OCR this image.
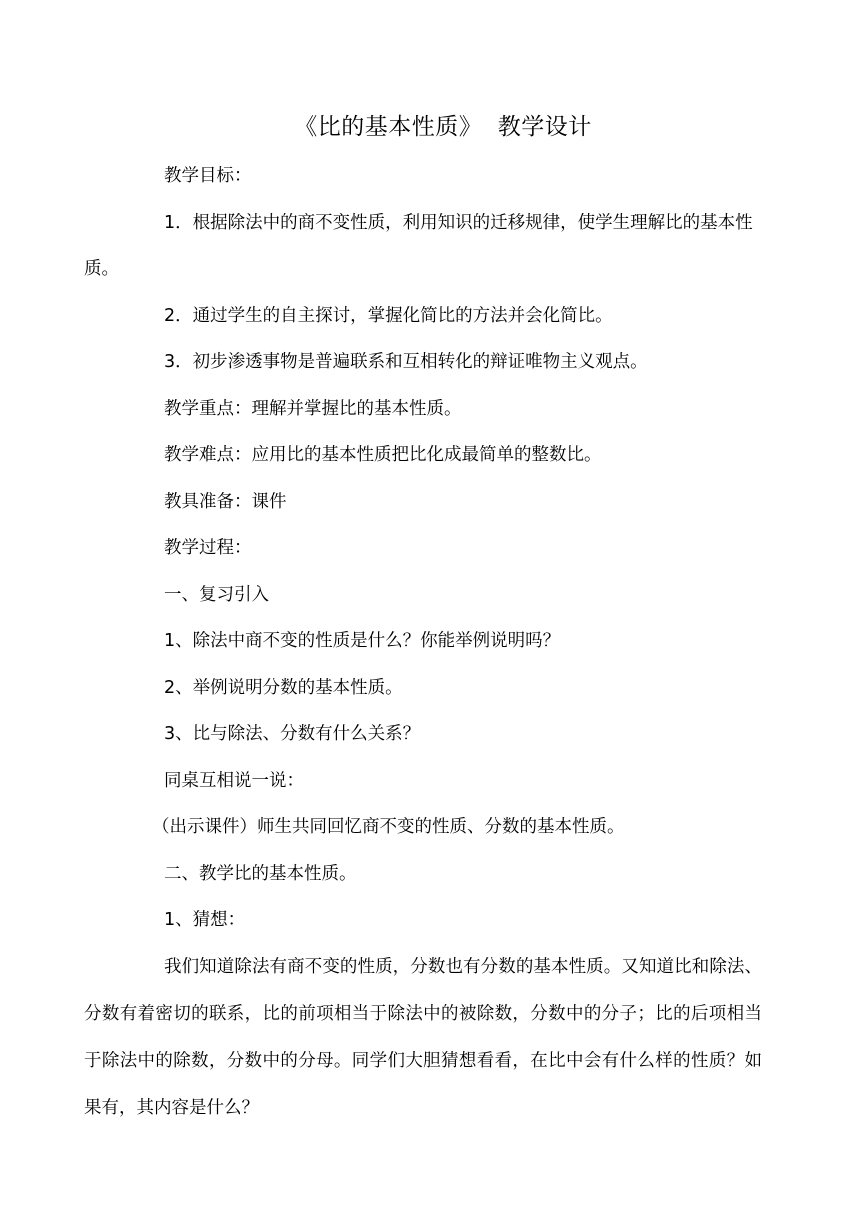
《比的基本性质》  教学设计

教学目标：

1．根据除法中的商不变性质，利用知识的迁移规律，使学生理解比的基本性质。

2．通过学生的自主探讨，掌握化简比的方法并会化简比。

3．初步渗透事物是普遍联系和互相转化的辩证唯物主义观点。

教学重点：理解并掌握比的基本性质。

教学难点：应用比的基本性质把比化成最简单的整数比。

教具准备：课件

教学过程：

一、复习引入

1、除法中商不变的性质是什么？你能举例说明吗？

2、举例说明分数的基本性质。

3、比与除法、分数有什么关系？

同桌互相说一说：

（出示课件）师生共同回忆商不变的性质、分数的基本性质。

二、教学比的基本性质。

1、猜想：

我们知道除法有商不变的性质，分数也有分数的基本性质。又知道比和除法、分数有着密切的联系，比的前项相当于除法中的被除数，分数中的分子；比的后项相当于除法中的除数，分数中的分母。同学们大胆猜想看看，在比中会有什么样的性质？如果有，其内容是什么？
